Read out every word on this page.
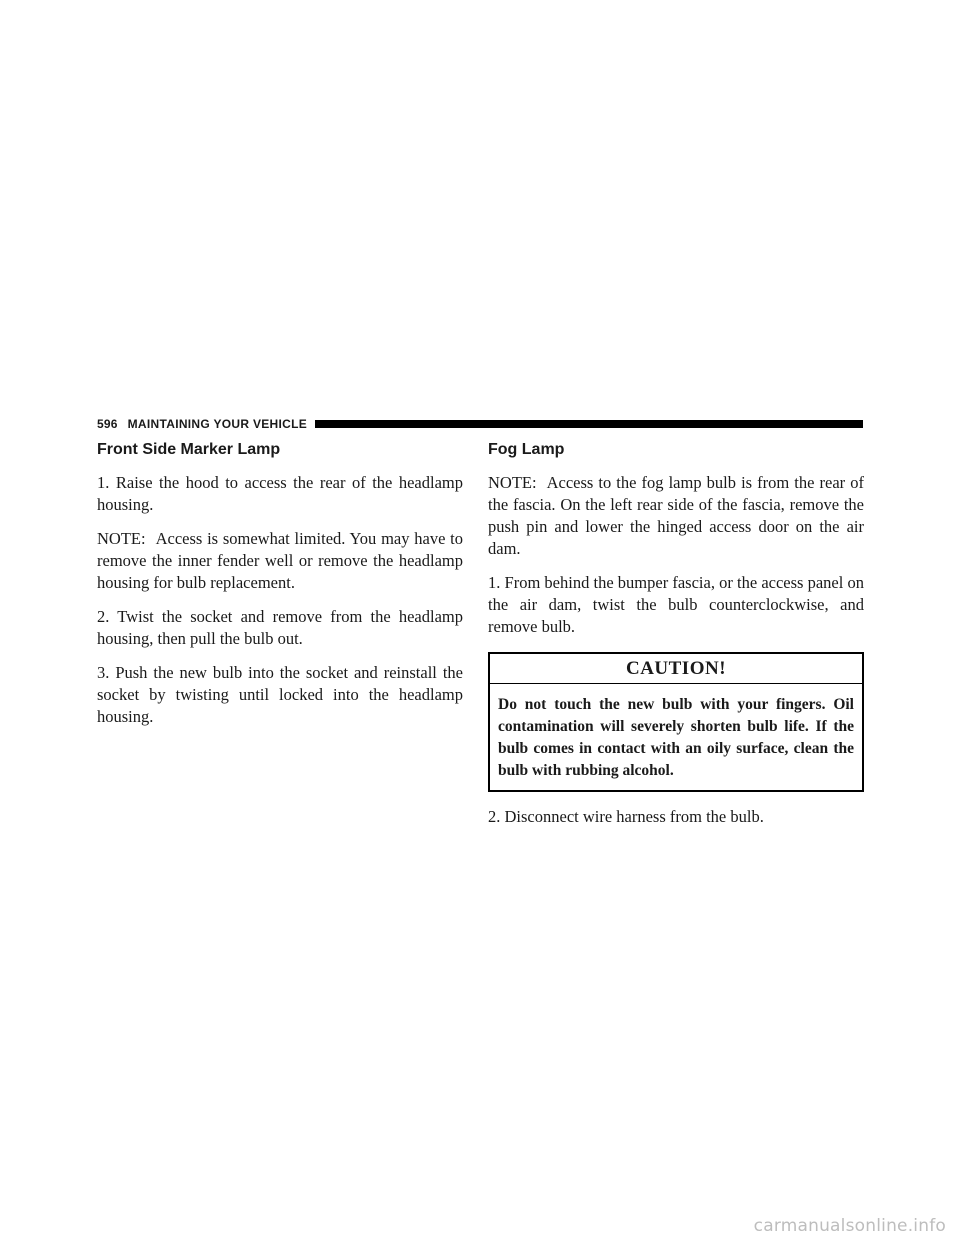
596 MAINTAINING YOUR VEHICLE
Front Side Marker Lamp

1. Raise the hood to access the rear of the headlamp housing.

NOTE: Access is somewhat limited. You may have to remove the inner fender well or remove the headlamp housing for bulb replacement.

2. Twist the socket and remove from the headlamp housing, then pull the bulb out.

3. Push the new bulb into the socket and reinstall the socket by twisting until locked into the headlamp housing.

Fog Lamp

NOTE: Access to the fog lamp bulb is from the rear of the fascia. On the left rear side of the fascia, remove the push pin and lower the hinged access door on the air dam.

1. From behind the bumper fascia, or the access panel on the air dam, twist the bulb counterclockwise, and remove bulb.

CAUTION!
Do not touch the new bulb with your fingers. Oil contamination will severely shorten bulb life. If the bulb comes in contact with an oily surface, clean the bulb with rubbing alcohol.

2. Disconnect wire harness from the bulb.

carmanualsonline.info
